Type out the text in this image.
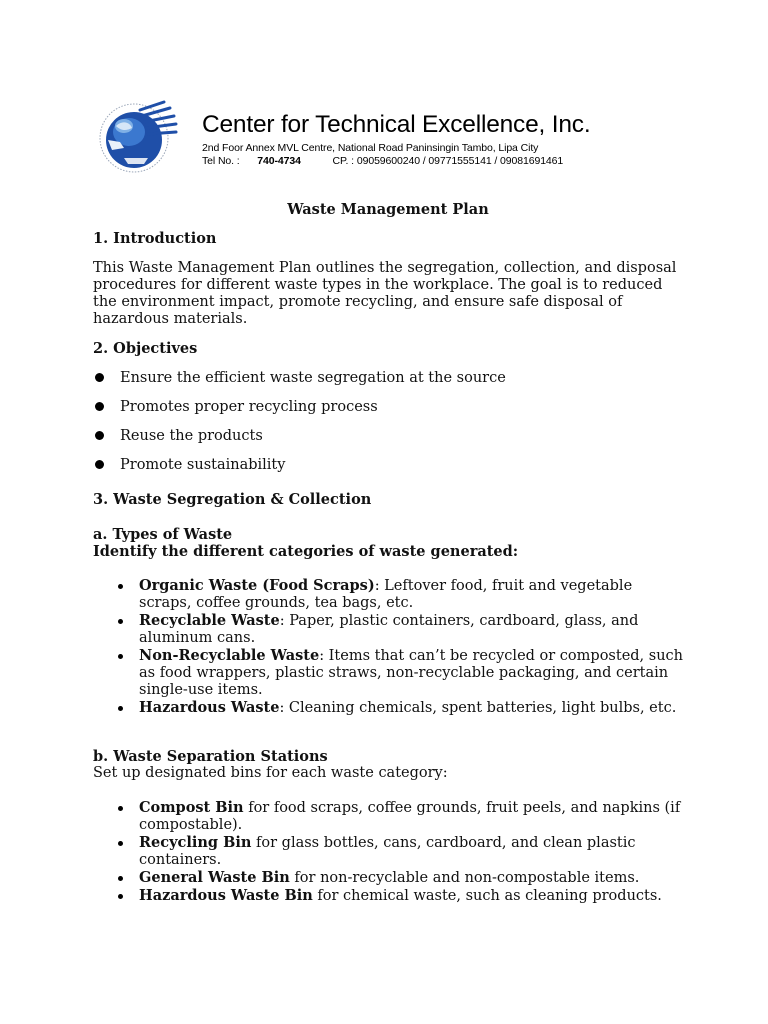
Center for Technical Excellence, Inc.
2nd Foor Annex MVL Centre, National Road Paninsingin Tambo, Lipa City
Tel No. : 740-4734	CP. : 09059600240 / 09771555141 / 09081691461
Waste Management Plan
1. Introduction

This Waste Management Plan outlines the segregation, collection, and disposal procedures for different waste types in the workplace. The goal is to reduced the environment impact, promote recycling, and ensure safe disposal of hazardous materials.

2. Objectives
Ensure the efficient waste segregation at the source
Promotes proper recycling process
Reuse the products
Promote sustainability
3. Waste Segregation & Collection
a. Types of Waste
Identify the different categories of waste generated:
Organic Waste (Food Scraps): Leftover food, fruit and vegetable scraps, coffee grounds, tea bags, etc.
Recyclable Waste: Paper, plastic containers, cardboard, glass, and aluminum cans.
Non-Recyclable Waste: Items that can’t be recycled or composted, such as food wrappers, plastic straws, non-recyclable packaging, and certain single-use items.
Hazardous Waste: Cleaning chemicals, spent batteries, light bulbs, etc.
b. Waste Separation Stations
Set up designated bins for each waste category:
Compost Bin for food scraps, coffee grounds, fruit peels, and napkins (if compostable).
Recycling Bin for glass bottles, cans, cardboard, and clean plastic containers.
General Waste Bin for non-recyclable and non-compostable items.
Hazardous Waste Bin for chemical waste, such as cleaning products.
